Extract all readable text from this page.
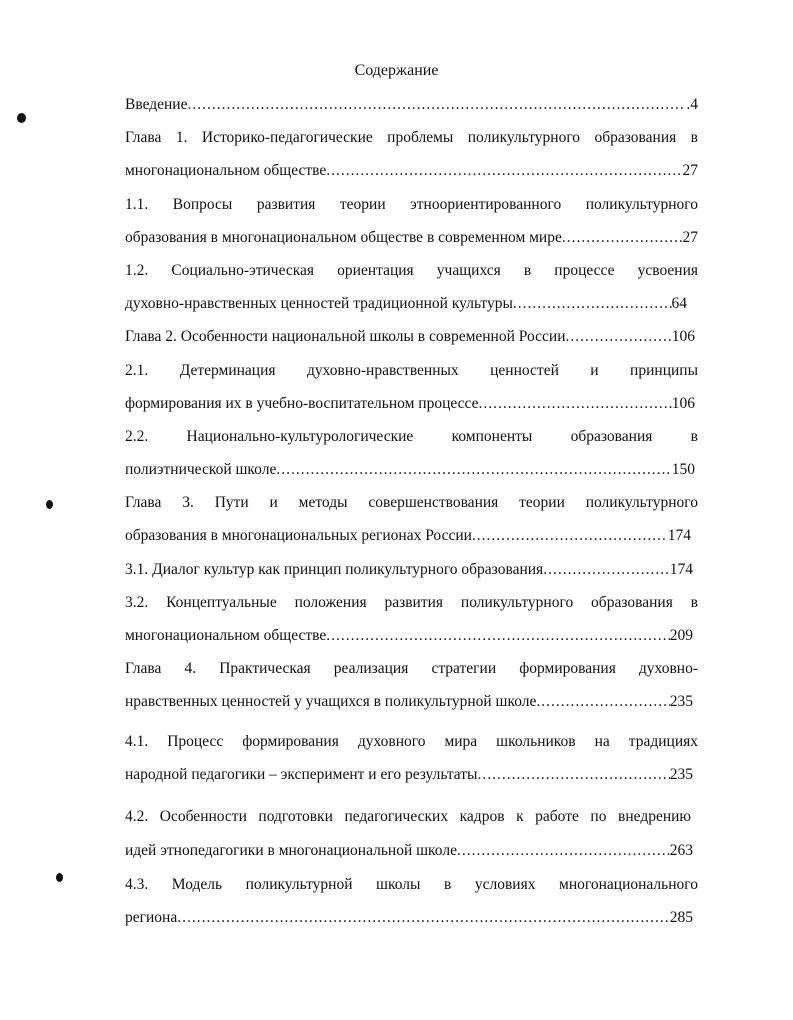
Содержание
Введение .....	.4
Глава 1. Историко-педагогические проблемы поликультурного образования в
многонациональном обществе .....	27
1.1. Вопросы развития теории этноориентированного поликультурного
образования в многонациональном обществе в современном мире .....	27
1.2. Социально-этическая ориентация учащихся в процессе усвоения
духовно-нравственных ценностей традиционной культуры .....	64
Глава 2. Особенности национальной школы в современной России .....	106
2.1. Детерминация духовно-нравственных ценностей и принципы
формирования их в учебно-воспитательном процессе .....	106
2.2. Национально-культурологические компоненты образования в
полиэтнической школе .....	150
Глава 3. Пути и методы совершенствования теории поликультурного
образования в многонациональных регионах России .....	174
3.1. Диалог культур как принцип поликультурного образования .....	174
3.2. Концептуальные положения развития поликультурного образования в
многонациональном обществе .....	209
Глава 4. Практическая реализация стратегии формирования духовно-
нравственных ценностей у учащихся в поликультурной школе .....	235
4.1. Процесс формирования духовного мира школьников на традициях
народной педагогики – эксперимент и его результаты .....	235
4.2. Особенности подготовки педагогических кадров к работе по внедрению
идей этнопедагогики в многонациональной школе .....	263
4.3. Модель поликультурной школы в условиях многонационального
региона .....	285
